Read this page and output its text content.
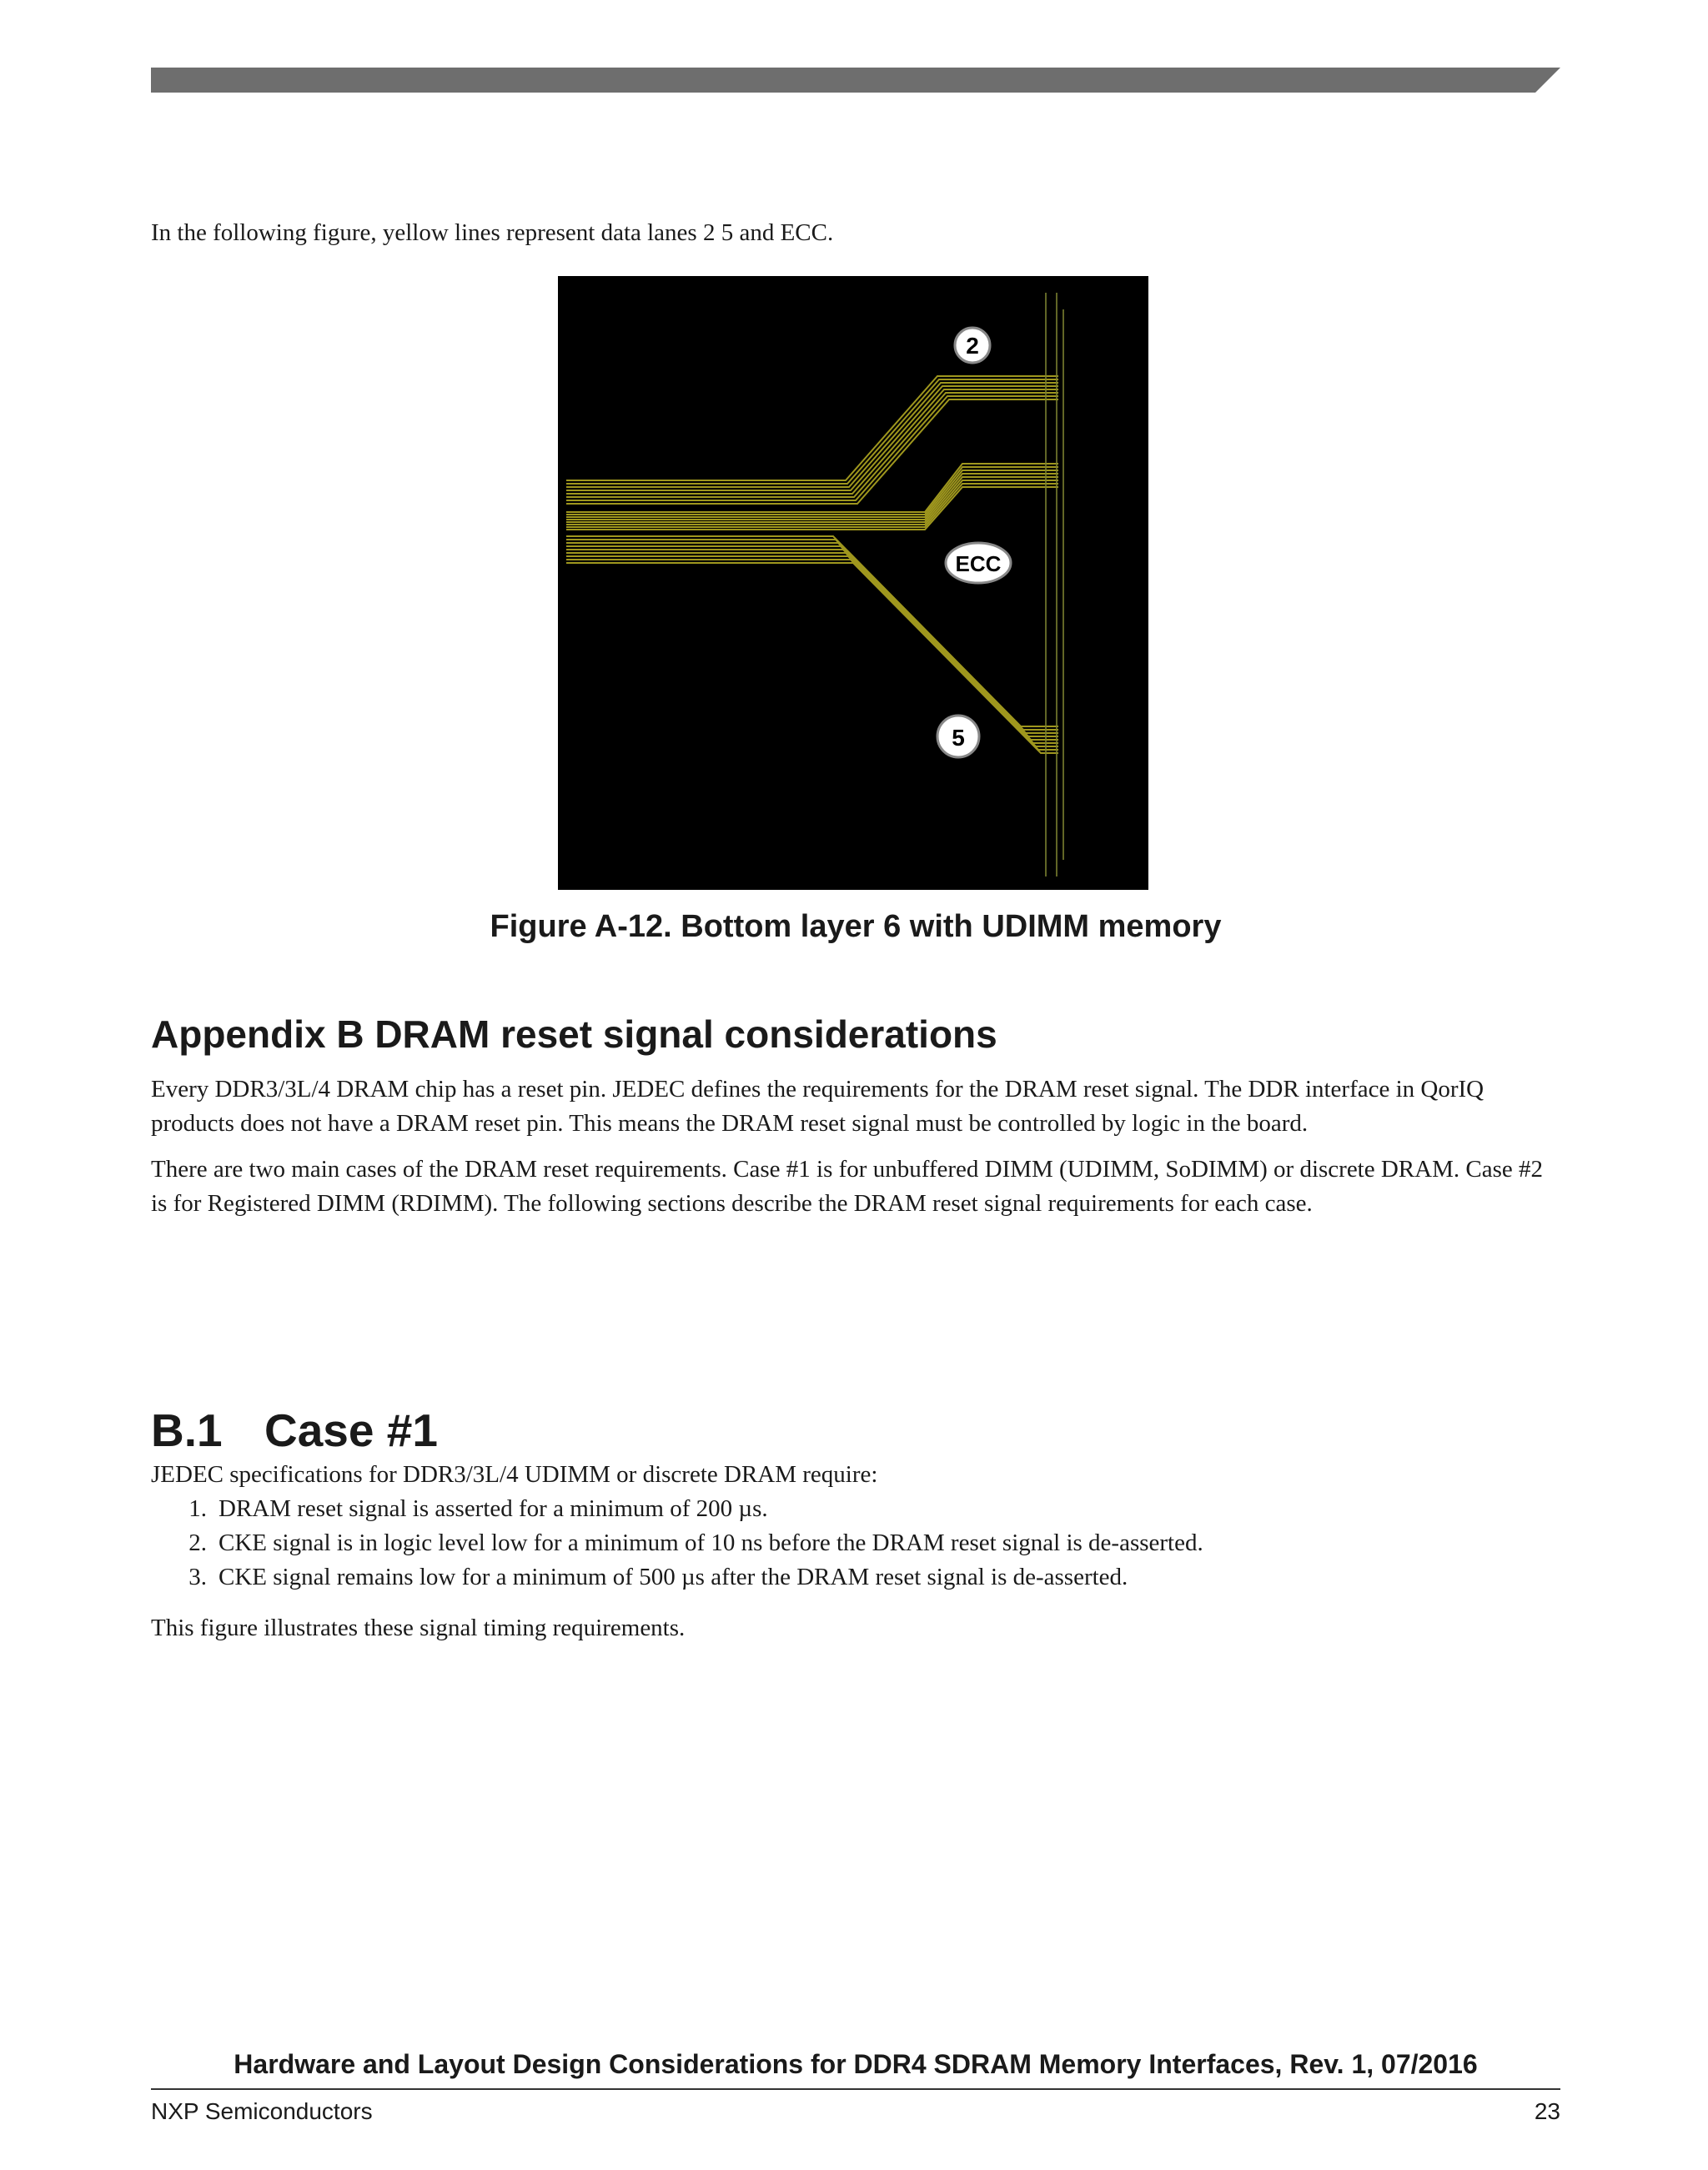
In the following figure, yellow lines represent data lanes 2 5 and ECC.
2
ECC
5
Figure A-12. Bottom layer 6 with UDIMM memory
Appendix B DRAM reset signal considerations

Every DDR3/3L/4 DRAM chip has a reset pin. JEDEC defines the requirements for the DRAM reset signal. The DDR interface in QorIQ products does not have a DRAM reset pin. This means the DRAM reset signal must be controlled by logic in the board.

There are two main cases of the DRAM reset requirements. Case #1 is for unbuffered DIMM (UDIMM, SoDIMM) or discrete DRAM. Case #2 is for Registered DIMM (RDIMM). The following sections describe the DRAM reset signal requirements for each case.

B.1 Case #1
JEDEC specifications for DDR3/3L/4 UDIMM or discrete DRAM require:
1. DRAM reset signal is asserted for a minimum of 200 µs.
2. CKE signal is in logic level low for a minimum of 10 ns before the DRAM reset signal is de-asserted.
3. CKE signal remains low for a minimum of 500 µs after the DRAM reset signal is de-asserted.
This figure illustrates these signal timing requirements.
Hardware and Layout Design Considerations for DDR4 SDRAM Memory Interfaces, Rev. 1, 07/2016
NXP Semiconductors	23
